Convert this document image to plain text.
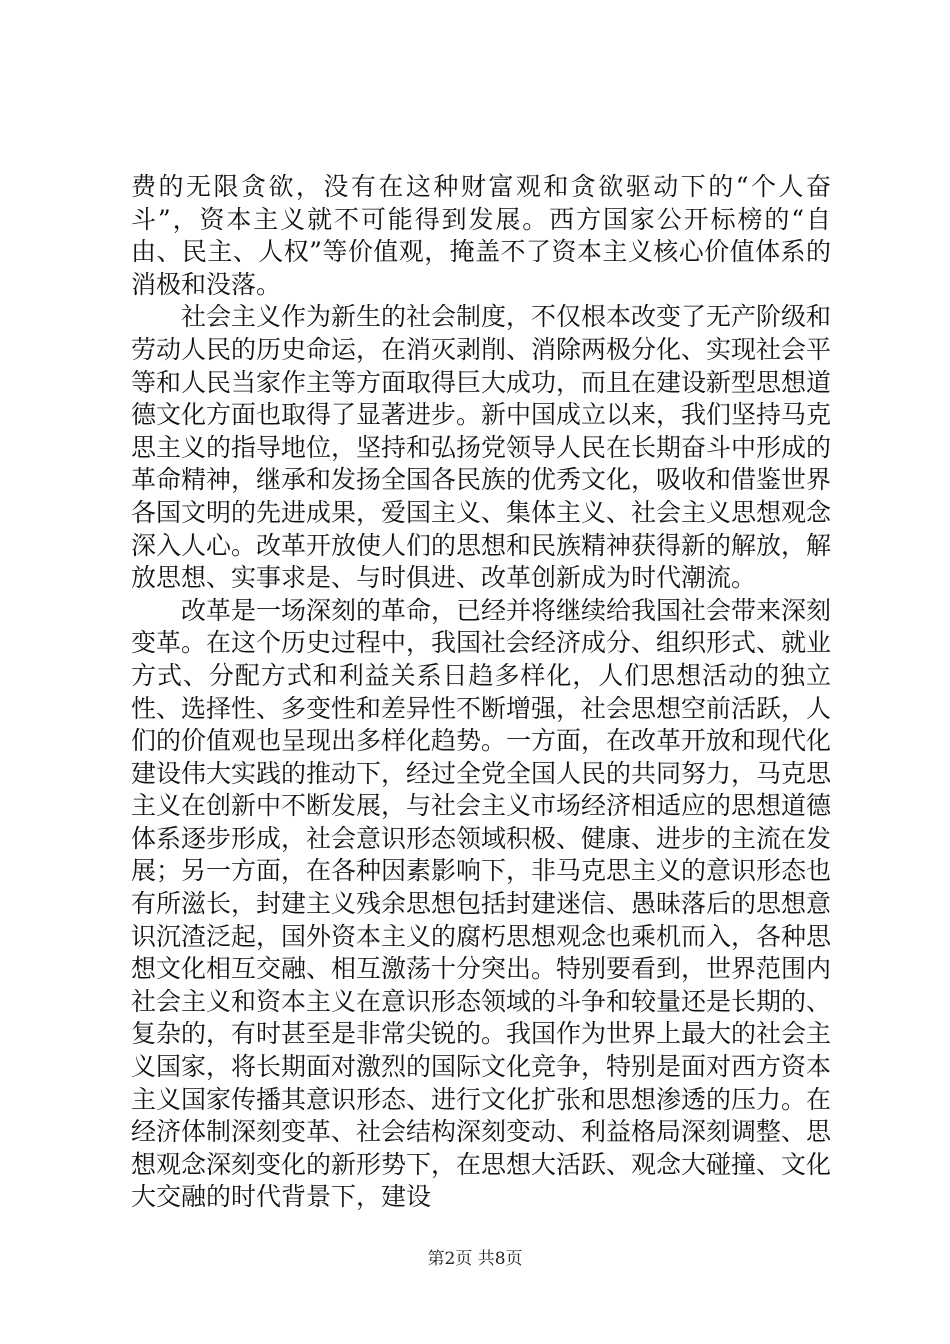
费的无限贪欲，没有在这种财富观和贪欲驱动下的“个人奋斗”，资本主义就不可能得到发展。西方国家公开标榜的“自由、民主、人权”等价值观，掩盖不了资本主义核心价值体系的消极和没落。

社会主义作为新生的社会制度，不仅根本改变了无产阶级和劳动人民的历史命运，在消灭剥削、消除两极分化、实现社会平等和人民当家作主等方面取得巨大成功，而且在建设新型思想道德文化方面也取得了显著进步。新中国成立以来，我们坚持马克思主义的指导地位，坚持和弘扬党领导人民在长期奋斗中形成的革命精神，继承和发扬全国各民族的优秀文化，吸收和借鉴世界各国文明的先进成果，爱国主义、集体主义、社会主义思想观念深入人心。改革开放使人们的思想和民族精神获得新的解放，解放思想、实事求是、与时俱进、改革创新成为时代潮流。

改革是一场深刻的革命，已经并将继续给我国社会带来深刻变革。在这个历史过程中，我国社会经济成分、组织形式、就业方式、分配方式和利益关系日趋多样化，人们思想活动的独立性、选择性、多变性和差异性不断增强，社会思想空前活跃，人们的价值观也呈现出多样化趋势。一方面，在改革开放和现代化建设伟大实践的推动下，经过全党全国人民的共同努力，马克思主义在创新中不断发展，与社会主义市场经济相适应的思想道德体系逐步形成，社会意识形态领域积极、健康、进步的主流在发展；另一方面，在各种因素影响下，非马克思主义的意识形态也有所滋长，封建主义残余思想包括封建迷信、愚昧落后的思想意识沉渣泛起，国外资本主义的腐朽思想观念也乘机而入，各种思想文化相互交融、相互激荡十分突出。特别要看到，世界范围内社会主义和资本主义在意识形态领域的斗争和较量还是长期的、复杂的，有时甚至是非常尖锐的。我国作为世界上最大的社会主义国家，将长期面对激烈的国际文化竞争，特别是面对西方资本主义国家传播其意识形态、进行文化扩张和思想渗透的压力。在经济体制深刻变革、社会结构深刻变动、利益格局深刻调整、思想观念深刻变化的新形势下，在思想大活跃、观念大碰撞、文化大交融的时代背景下，建设

第2页 共8页
